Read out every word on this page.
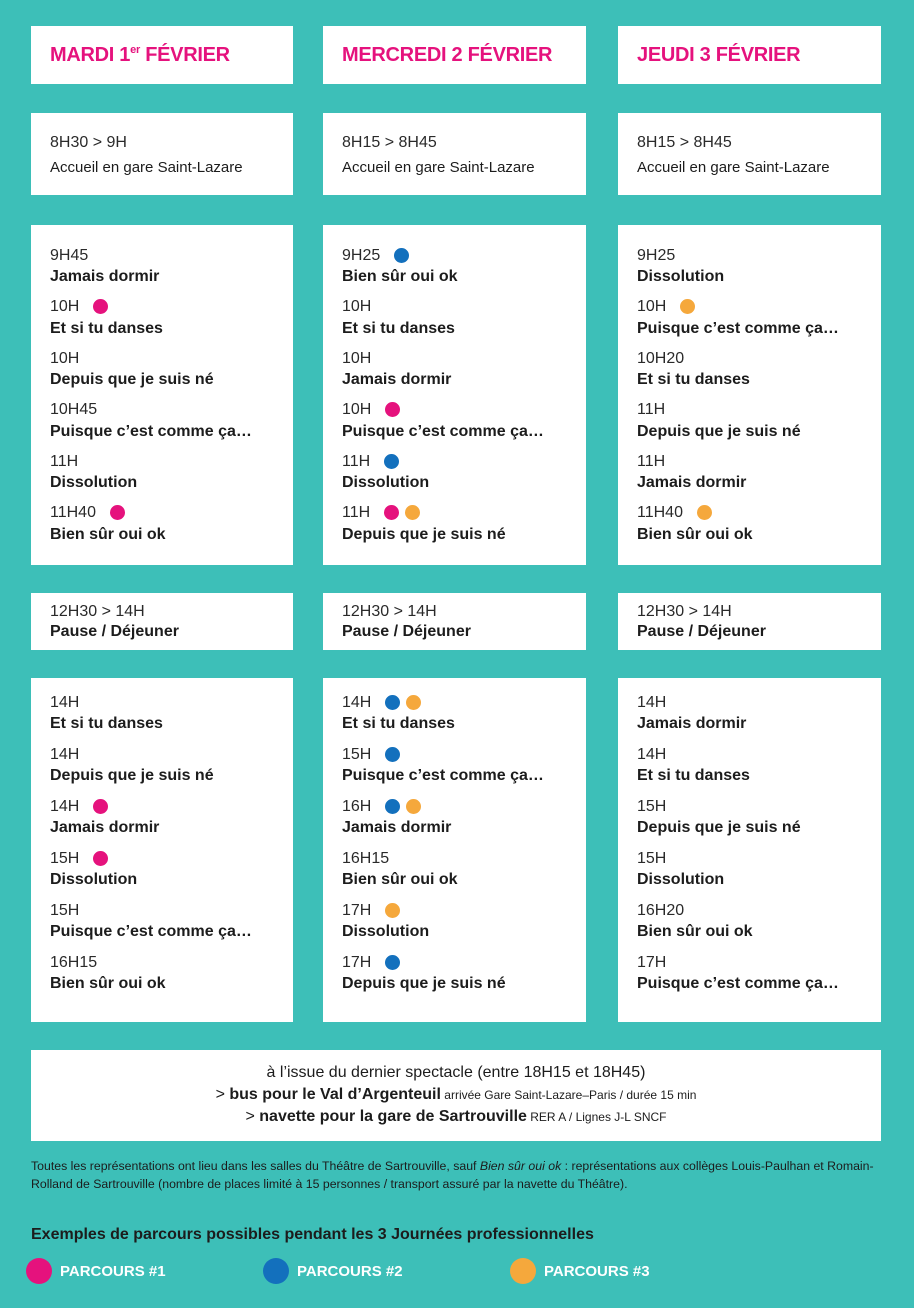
MARDI 1er FÉVRIER
8H30 > 9H
Accueil en gare Saint-Lazare
9H45
Jamais dormir
10H
Et si tu danses
10H
Depuis que je suis né
10H45
Puisque c’est comme ça…
11H
Dissolution
11H40
Bien sûr oui ok
12H30 > 14H
Pause / Déjeuner
14H
Et si tu danses
14H
Depuis que je suis né
14H
Jamais dormir
15H
Dissolution
15H
Puisque c’est comme ça…
16H15
Bien sûr oui ok
MERCREDI 2 FÉVRIER
8H15 > 8H45
Accueil en gare Saint-Lazare
9H25
Bien sûr oui ok
10H
Et si tu danses
10H
Jamais dormir
10H
Puisque c’est comme ça…
11H
Dissolution
11H
Depuis que je suis né
12H30 > 14H
Pause / Déjeuner
14H
Et si tu danses
15H
Puisque c’est comme ça…
16H
Jamais dormir
16H15
Bien sûr oui ok
17H
Dissolution
17H
Depuis que je suis né
JEUDI 3 FÉVRIER
8H15 > 8H45
Accueil en gare Saint-Lazare
9H25
Dissolution
10H
Puisque c’est comme ça…
10H20
Et si tu danses
11H
Depuis que je suis né
11H
Jamais dormir
11H40
Bien sûr oui ok
12H30 > 14H
Pause / Déjeuner
14H
Jamais dormir
14H
Et si tu danses
15H
Depuis que je suis né
15H
Dissolution
16H20
Bien sûr oui ok
17H
Puisque c’est comme ça…
à l’issue du dernier spectacle (entre 18H15 et 18H45)
> bus pour le Val d’Argenteuil arrivée Gare Saint-Lazare–Paris / durée 15 min
> navette pour la gare de Sartrouville RER A / Lignes J-L SNCF
Toutes les représentations ont lieu dans les salles du Théâtre de Sartrouville, sauf Bien sûr oui ok : représentations aux collèges Louis-Paulhan et Romain-Rolland de Sartrouville (nombre de places limité à 15 personnes / transport assuré par la navette du Théâtre).
Exemples de parcours possibles pendant les 3 Journées professionnelles
PARCOURS #1	PARCOURS #2	PARCOURS #3
